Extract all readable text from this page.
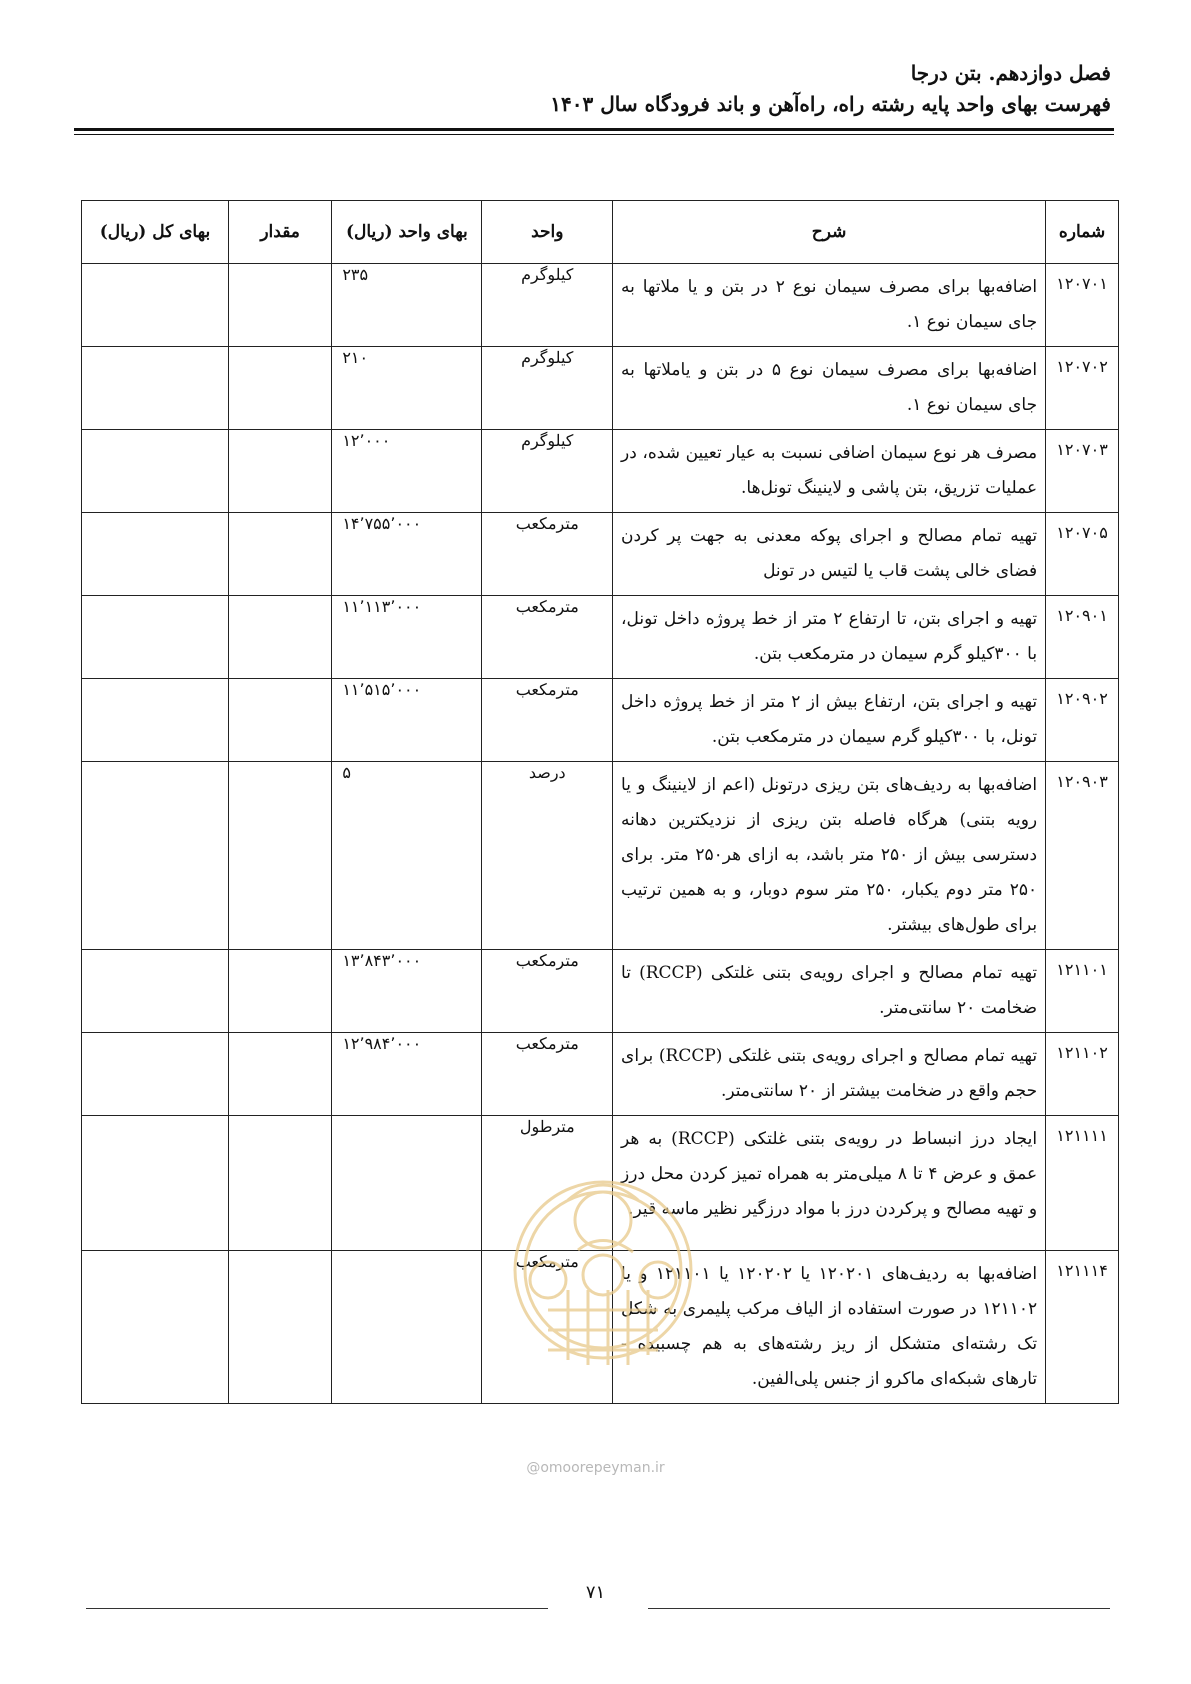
فصل دوازدهم. بتن درجا
فهرست بهای واحد پایه رشته راه، راه‌آهن و باند فرودگاه سال ۱۴۰۳
شماره	شرح	واحد	بهای واحد (ریال)	مقدار	بهای کل (ریال)
۱۲۰۷۰۱	اضافه‌بها برای مصرف سیمان نوع ۲ در بتن و یا ملاتها به جای سیمان نوع ۱.	کیلوگرم	۲۳۵		
۱۲۰۷۰۲	اضافه‌بها برای مصرف سیمان نوع ۵ در بتن و یاملاتها به جای سیمان نوع ۱.	کیلوگرم	۲۱۰		
۱۲۰۷۰۳	مصرف هر نوع سیمان اضافی نسبت به عیار تعیین شده، در عملیات تزریق، بتن پاشی و لاینینگ تونل‌ها.	کیلوگرم	۱۲٬۰۰۰		
۱۲۰۷۰۵	تهیه تمام مصالح و اجرای پوکه معدنی به جهت پر کردن فضای خالی پشت قاب یا لتیس در تونل	مترمکعب	۱۴٬۷۵۵٬۰۰۰		
۱۲۰۹۰۱	تهیه و اجرای بتن، تا ارتفاع ۲ متر از خط پروژه داخل تونل، با ۳۰۰کیلو گرم سیمان در مترمکعب بتن.	مترمکعب	۱۱٬۱۱۳٬۰۰۰		
۱۲۰۹۰۲	تهیه و اجرای بتن، ارتفاع بیش از ۲ متر از خط پروژه داخل تونل، با ۳۰۰کیلو گرم سیمان در مترمکعب بتن.	مترمکعب	۱۱٬۵۱۵٬۰۰۰		
۱۲۰۹۰۳	اضافه‌بها به ردیف‌های بتن ریزی درتونل (اعم از لاینینگ و یا رویه بتنی) هرگاه فاصله بتن ریزی از نزدیکترین دهانه دسترسی بیش از ۲۵۰ متر باشد، به ازای هر۲۵۰ متر. برای ۲۵۰ متر دوم یکبار، ۲۵۰ متر سوم دوبار، و به همین ترتیب برای طول‌های بیشتر.	درصد	۵		
۱۲۱۱۰۱	تهیه تمام مصالح و اجرای رویه‌ی بتنی غلتکی (RCCP) تا ضخامت ۲۰ سانتی‌متر.	مترمکعب	۱۳٬۸۴۳٬۰۰۰		
۱۲۱۱۰۲	تهیه تمام مصالح و اجرای رویه‌ی بتنی غلتکی (RCCP) برای حجم واقع در ضخامت بیشتر از ۲۰ سانتی‌متر.	مترمکعب	۱۲٬۹۸۴٬۰۰۰		
۱۲۱۱۱۱	ایجاد درز انبساط در رویه‌ی بتنی غلتکی (RCCP) به هر عمق و عرض ۴ تا ۸ میلی‌متر به همراه تمیز کردن محل درز و تهیه مصالح و پرکردن درز با مواد درزگیر نظیر ماسه قیر.	مترطول			
۱۲۱۱۱۴	اضافه‌بها به ردیف‌های ۱۲۰۲۰۱ یا ۱۲۰۲۰۲ یا ۱۲۱۱۰۱ و یا ۱۲۱۱۰۲ در صورت استفاده از الیاف مرکب پلیمری به شکل تک رشته‌ای متشکل از ریز رشته‌های به هم چسبیده - تارهای شبکه‌ای ماکرو از جنس پلی‌الفین.	مترمکعب			
@omoorepeyman.ir
۷۱
